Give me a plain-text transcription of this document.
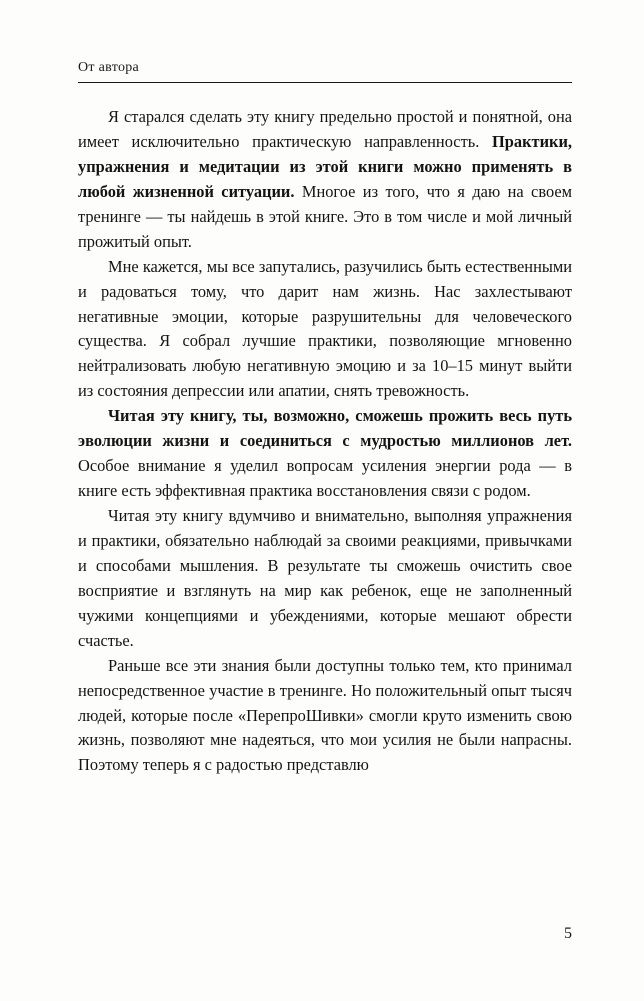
От автора

Я старался сделать эту книгу предельно простой и понятной, она имеет исключительно практическую направленность. Практики, упражнения и медитации из этой книги можно применять в любой жизненной ситуации. Многое из того, что я даю на своем тренинге — ты найдешь в этой книге. Это в том числе и мой личный прожитый опыт.

Мне кажется, мы все запутались, разучились быть естественными и радоваться тому, что дарит нам жизнь. Нас захлестывают негативные эмоции, которые разрушительны для человеческого существа. Я собрал лучшие практики, позволяющие мгновенно нейтрализовать любую негативную эмоцию и за 10–15 минут выйти из состояния депрессии или апатии, снять тревожность.

Читая эту книгу, ты, возможно, сможешь прожить весь путь эволюции жизни и соединиться с мудростью миллионов лет. Особое внимание я уделил вопросам усиления энергии рода — в книге есть эффективная практика восстановления связи с родом.

Читая эту книгу вдумчиво и внимательно, выполняя упражнения и практики, обязательно наблюдай за своими реакциями, привычками и способами мышления. В результате ты сможешь очистить свое восприятие и взглянуть на мир как ребенок, еще не заполненный чужими концепциями и убеждениями, которые мешают обрести счастье.

Раньше все эти знания были доступны только тем, кто принимал непосредственное участие в тренинге. Но положительный опыт тысяч людей, которые после «ПерепроШивки» смогли круто изменить свою жизнь, позволяют мне надеяться, что мои усилия не были напрасны. Поэтому теперь я с радостью представлю

5
